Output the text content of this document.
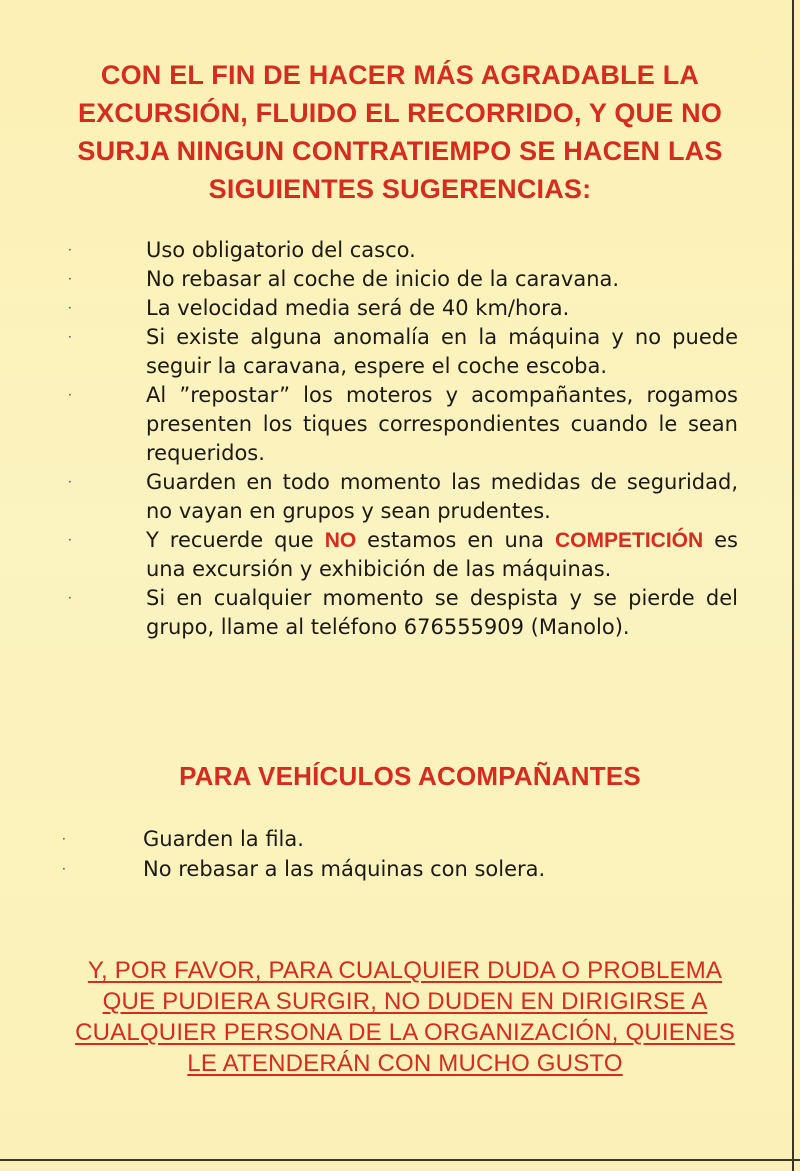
CON EL FIN DE HACER MÁS AGRADABLE LA
EXCURSIÓN, FLUIDO EL RECORRIDO, Y QUE NO
SURJA NINGUN CONTRATIEMPO SE HACEN LAS
SIGUIENTES SUGERENCIAS:
·	Uso obligatorio del casco.
·	No rebasar al coche de inicio de la caravana.
·	La velocidad media será de 40 km/hora.
·	Si existe alguna anomalía en la máquina y no puede
seguir la caravana, espere el coche escoba.
·	Al ”repostar” los moteros y acompañantes, rogamos
presenten los tiques correspondientes cuando le sean
requeridos.
·	Guarden en todo momento las medidas de seguridad,
no vayan en grupos y sean prudentes.
·	Y recuerde que NO estamos en una COMPETICIÓN es
una excursión y exhibición de las máquinas.
·	Si en cualquier momento se despista y se pierde del
grupo, llame al teléfono 676555909 (Manolo).
PARA VEHÍCULOS ACOMPAÑANTES
·	Guarden la fila.
·	No rebasar a las máquinas con solera.
Y, POR FAVOR, PARA CUALQUIER DUDA O PROBLEMA
QUE PUDIERA SURGIR, NO DUDEN EN DIRIGIRSE A
CUALQUIER PERSONA DE LA ORGANIZACIÓN, QUIENES
LE ATENDERÁN CON MUCHO GUSTO
